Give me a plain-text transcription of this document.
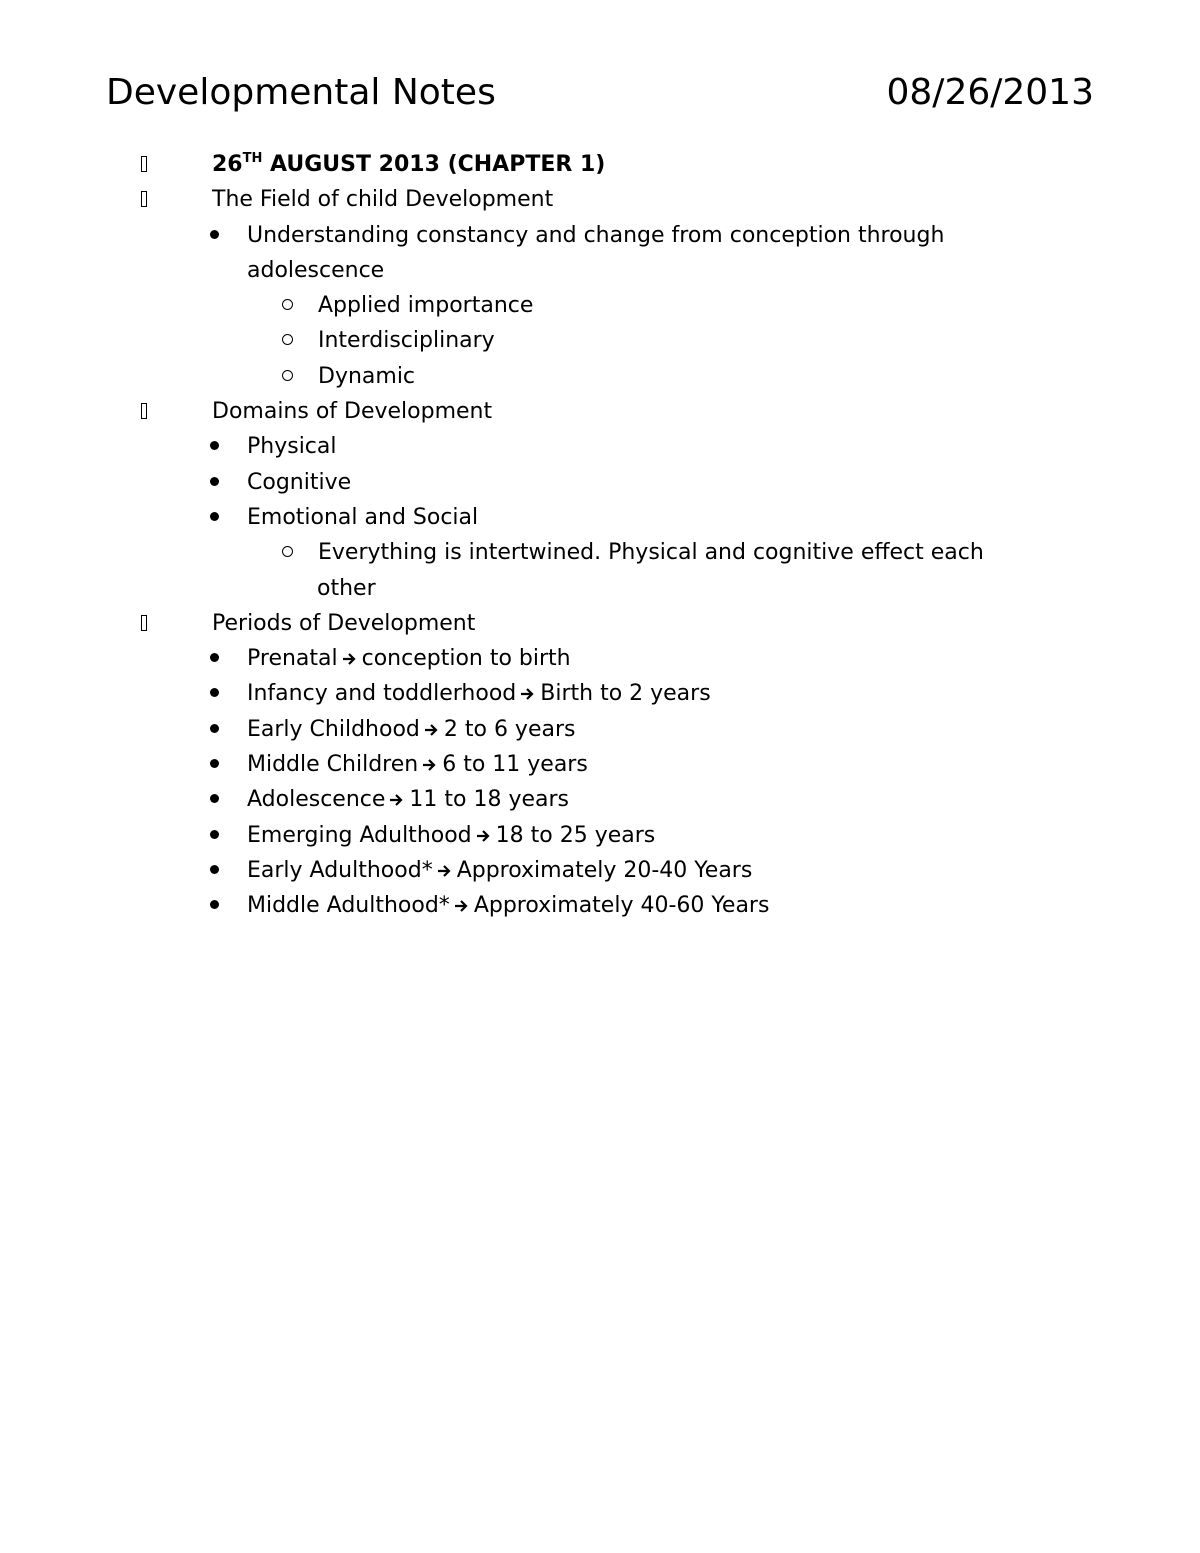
Developmental Notes	08/26/2013
26TH AUGUST 2013 (CHAPTER 1)
The Field of child Development
Understanding constancy and change from conception through
adolescence
Applied importance
Interdisciplinary
Dynamic
Domains of Development
Physical
Cognitive
Emotional and Social
Everything is intertwined. Physical and cognitive effect each
other
Periods of Development
Prenatal conception to birth
Infancy and toddlerhood Birth to 2 years
Early Childhood 2 to 6 years
Middle Children 6 to 11 years
Adolescence 11 to 18 years
Emerging Adulthood 18 to 25 years
Early Adulthood* Approximately 20-40 Years
Middle Adulthood* Approximately 40-60 Years
